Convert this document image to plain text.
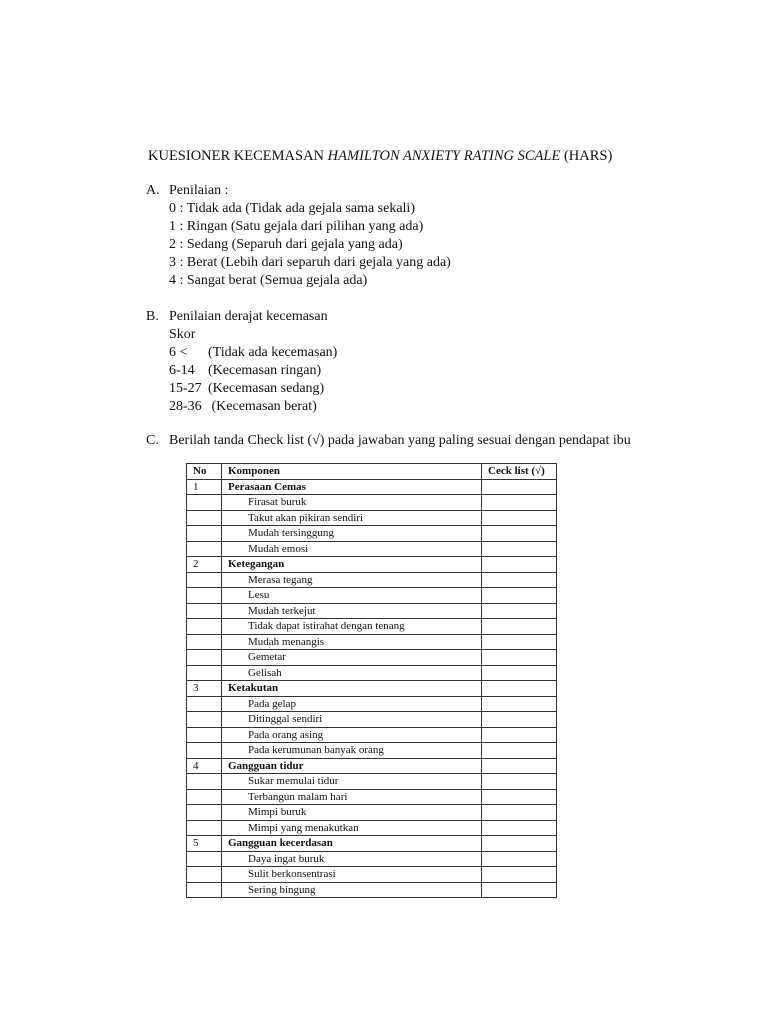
KUESIONER KECEMASAN HAMILTON ANXIETY RATING SCALE (HARS)
A. Penilaian :
0 : Tidak ada (Tidak ada gejala sama sekali)
1 : Ringan (Satu gejala dari pilihan yang ada)
2 : Sedang (Separuh dari gejala yang ada)
3 : Berat (Lebih dari separuh dari gejala yang ada)
4 : Sangat berat (Semua gejala ada)
B. Penilaian derajat kecemasan
Skor
6 <	(Tidak ada kecemasan)
6-14 (Kecemasan ringan)
15-27 (Kecemasan sedang)
28-36 (Kecemasan berat)
C. Berilah tanda Check list (√) pada jawaban yang paling sesuai dengan pendapat ibu
No	Komponen	Ceck list (√)
1	Perasaan Cemas	
	Firasat buruk	
	Takut akan pikiran sendiri	
	Mudah tersinggung	
	Mudah emosi	
2	Ketegangan	
	Merasa tegang	
	Lesu	
	Mudah terkejut	
	Tidak dapat istirahat dengan tenang	
	Mudah menangis	
	Gemetar	
	Gelisah	
3	Ketakutan	
	Pada gelap	
	Ditinggal sendiri	
	Pada orang asing	
	Pada kerumunan banyak orang	
4	Gangguan tidur	
	Sukar memulai tidur	
	Terbangun malam hari	
	Mimpi buruk	
	Mimpi yang menakutkan	
5	Gangguan kecerdasan	
	Daya ingat buruk	
	Sulit berkonsentrasi	
	Sering bingung	
